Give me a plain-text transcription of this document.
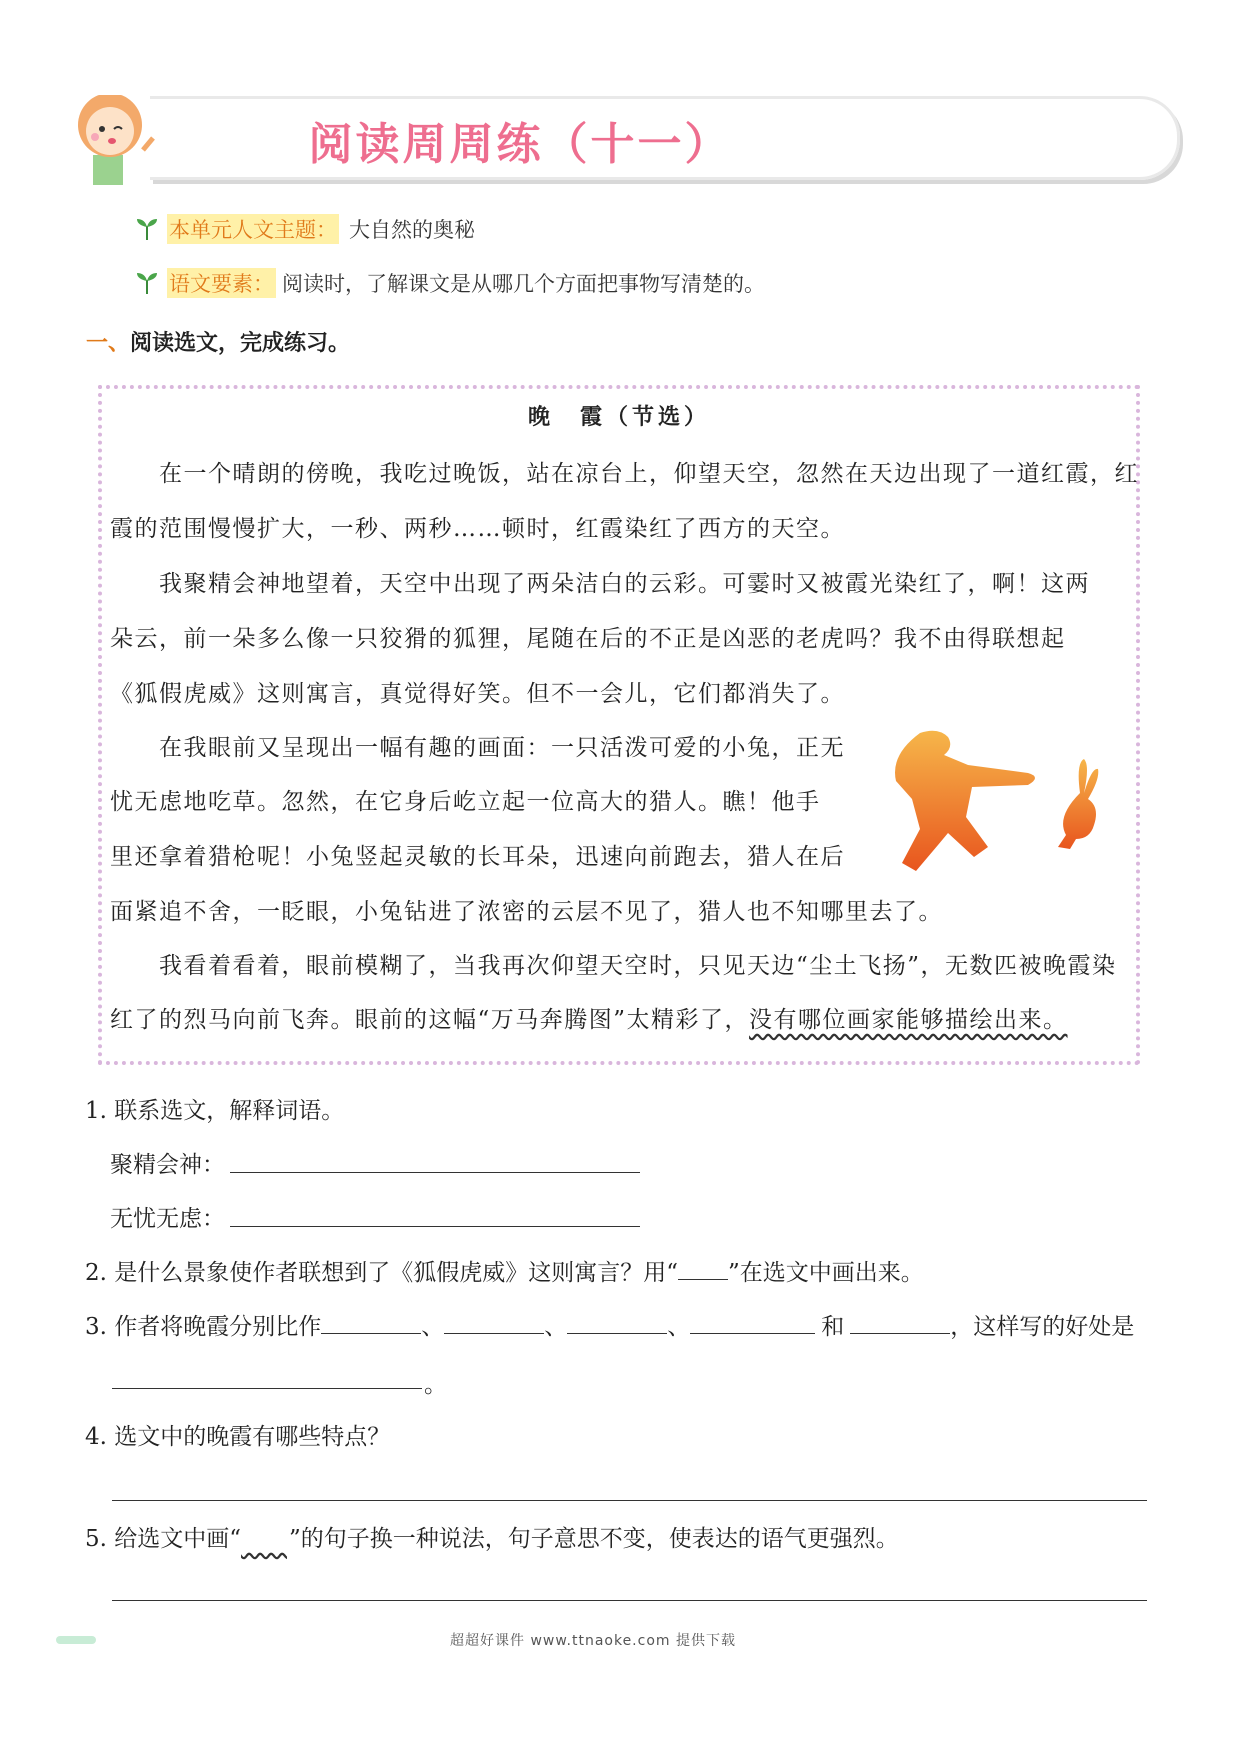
阅读周周练（十一）
本单元人文主题： 大自然的奥秘
语文要素： 阅读时，了解课文是从哪几个方面把事物写清楚的。
一、阅读选文，完成练习。
晚　霞（节选）
　　在一个晴朗的傍晚，我吃过晚饭，站在凉台上，仰望天空，忽然在天边出现了一道红霞，红
霞的范围慢慢扩大，一秒、两秒……顿时，红霞染红了西方的天空。
　　我聚精会神地望着，天空中出现了两朵洁白的云彩。可霎时又被霞光染红了，啊！这两
朵云，前一朵多么像一只狡猾的狐狸，尾随在后的不正是凶恶的老虎吗？我不由得联想起
《狐假虎威》这则寓言，真觉得好笑。但不一会儿，它们都消失了。
　　在我眼前又呈现出一幅有趣的画面：一只活泼可爱的小兔，正无
忧无虑地吃草。忽然，在它身后屹立起一位高大的猎人。瞧！他手
里还拿着猎枪呢！小兔竖起灵敏的长耳朵，迅速向前跑去，猎人在后
面紧追不舍，一眨眼，小兔钻进了浓密的云层不见了，猎人也不知哪里去了。
　　我看着看着，眼前模糊了，当我再次仰望天空时，只见天边“尘土飞扬”，无数匹被晚霞染
红了的烈马向前飞奔。眼前的这幅“万马奔腾图”太精彩了，没有哪位画家能够描绘出来。
1. 联系选文，解释词语。
聚精会神：
无忧无虑：
2. 是什么景象使作者联想到了《狐假虎威》这则寓言？用“ ”在选文中画出来。
3. 作者将晚霞分别比作	、	、	、	和	，这样写的好处是
。
4. 选文中的晚霞有哪些特点？
5. 给选文中画“   ”的句子换一种说法，句子意思不变，使表达的语气更强烈。
超超好课件 www.ttnaoke.com 提供下载
